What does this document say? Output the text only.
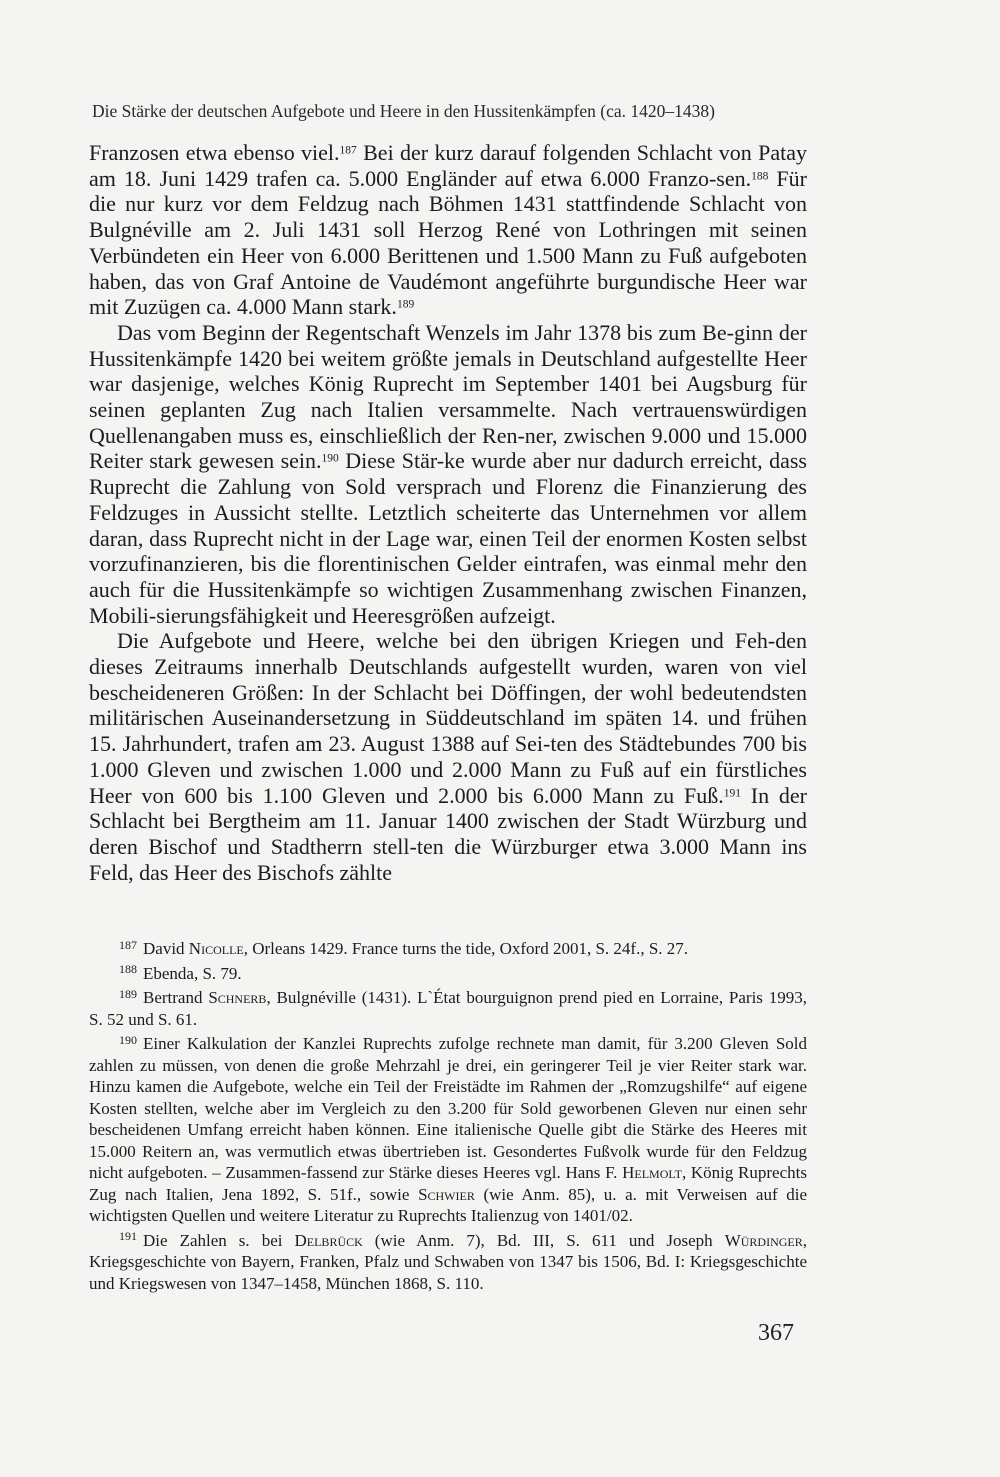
Die Stärke der deutschen Aufgebote und Heere in den Hussitenkämpfen (ca. 1420–1438)

Franzosen etwa ebenso viel.$^{187}$ Bei der kurz darauf folgenden Schlacht von Patay am 18. Juni 1429 trafen ca. 5.000 Engländer auf etwa 6.000 Franzo-sen.$^{188}$ Für die nur kurz vor dem Feldzug nach Böhmen 1431 stattfindende Schlacht von Bulgnéville am 2. Juli 1431 soll Herzog René von Lothringen mit seinen Verbündeten ein Heer von 6.000 Berittenen und 1.500 Mann zu Fuß aufgeboten haben, das von Graf Antoine de Vaudémont angeführte burgundische Heer war mit Zuzügen ca. 4.000 Mann stark.$^{189}$

Das vom Beginn der Regentschaft Wenzels im Jahr 1378 bis zum Be-ginn der Hussitenkämpfe 1420 bei weitem größte jemals in Deutschland aufgestellte Heer war dasjenige, welches König Ruprecht im September 1401 bei Augsburg für seinen geplanten Zug nach Italien versammelte. Nach vertrauenswürdigen Quellenangaben muss es, einschließlich der Ren-ner, zwischen 9.000 und 15.000 Reiter stark gewesen sein.$^{190}$ Diese Stär-ke wurde aber nur dadurch erreicht, dass Ruprecht die Zahlung von Sold versprach und Florenz die Finanzierung des Feldzuges in Aussicht stellte. Letztlich scheiterte das Unternehmen vor allem daran, dass Ruprecht nicht in der Lage war, einen Teil der enormen Kosten selbst vorzufinanzieren, bis die florentinischen Gelder eintrafen, was einmal mehr den auch für die Hussitenkämpfe so wichtigen Zusammenhang zwischen Finanzen, Mobili-sierungsfähigkeit und Heeresgrößen aufzeigt.

Die Aufgebote und Heere, welche bei den übrigen Kriegen und Feh-den dieses Zeitraums innerhalb Deutschlands aufgestellt wurden, waren von viel bescheideneren Größen: In der Schlacht bei Döffingen, der wohl bedeutendsten militärischen Auseinandersetzung in Süddeutschland im späten 14. und frühen 15. Jahrhundert, trafen am 23. August 1388 auf Sei-ten des Städtebundes 700 bis 1.000 Gleven und zwischen 1.000 und 2.000 Mann zu Fuß auf ein fürstliches Heer von 600 bis 1.100 Gleven und 2.000 bis 6.000 Mann zu Fuß.$^{191}$ In der Schlacht bei Bergtheim am 11. Januar 1400 zwischen der Stadt Würzburg und deren Bischof und Stadtherrn stell-ten die Würzburger etwa 3.000 Mann ins Feld, das Heer des Bischofs zählte

$^{187}$ David Nicolle, Orleans 1429. France turns the tide, Oxford 2001, S. 24f., S. 27.

$^{188}$ Ebenda, S. 79.

$^{189}$ Bertrand Schnerb, Bulgnéville (1431). L`État bourguignon prend pied en Lorraine, Paris 1993, S. 52 und S. 61.

$^{190}$ Einer Kalkulation der Kanzlei Ruprechts zufolge rechnete man damit, für 3.200 Gleven Sold zahlen zu müssen, von denen die große Mehrzahl je drei, ein geringerer Teil je vier Reiter stark war. Hinzu kamen die Aufgebote, welche ein Teil der Freistädte im Rahmen der „Romzugshilfe“ auf eigene Kosten stellten, welche aber im Vergleich zu den 3.200 für Sold geworbenen Gleven nur einen sehr bescheidenen Umfang erreicht haben können. Eine italienische Quelle gibt die Stärke des Heeres mit 15.000 Reitern an, was vermutlich etwas übertrieben ist. Gesondertes Fußvolk wurde für den Feldzug nicht aufgeboten. – Zusammen-fassend zur Stärke dieses Heeres vgl. Hans F. Helmolt, König Ruprechts Zug nach Italien, Jena 1892, S. 51f., sowie Schwier (wie Anm. 85), u. a. mit Verweisen auf die wichtigsten Quellen und weitere Literatur zu Ruprechts Italienzug von 1401/02.

$^{191}$ Die Zahlen s. bei Delbrück (wie Anm. 7), Bd. III, S. 611 und Joseph Würdinger, Kriegsgeschichte von Bayern, Franken, Pfalz und Schwaben von 1347 bis 1506, Bd. I: Kriegsgeschichte und Kriegswesen von 1347–1458, München 1868, S. 110.

367
